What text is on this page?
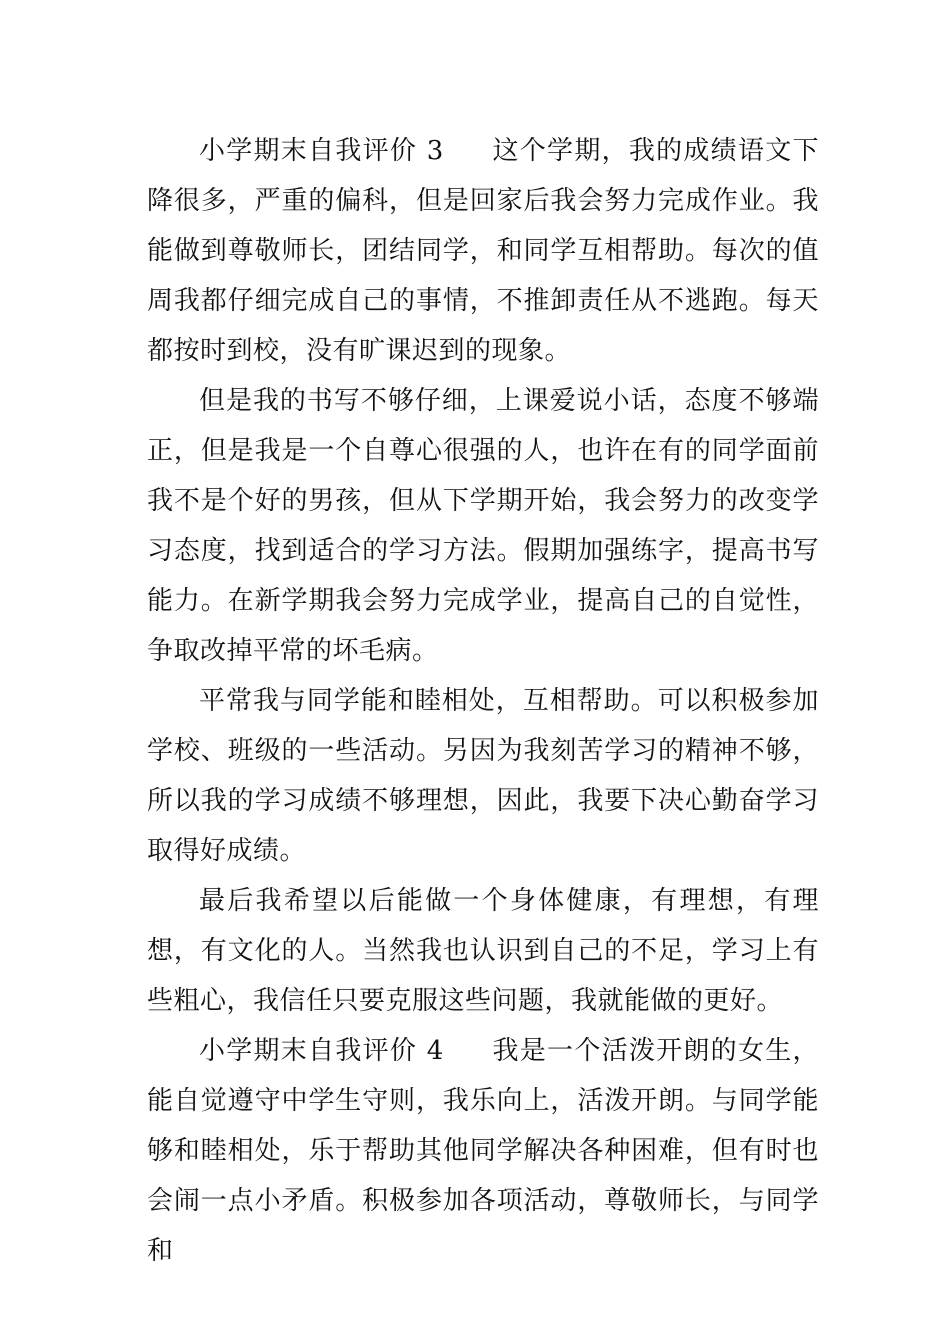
小学期末自我评价 3 这个学期，我的成绩语文下降很多，严重的偏科，但是回家后我会努力完成作业。我能做到尊敬师长，团结同学，和同学互相帮助。每次的值周我都仔细完成自己的事情，不推卸责任从不逃跑。每天都按时到校，没有旷课迟到的现象。

但是我的书写不够仔细，上课爱说小话，态度不够端正，但是我是一个自尊心很强的人，也许在有的同学面前我不是个好的男孩，但从下学期开始，我会努力的改变学习态度，找到适合的学习方法。假期加强练字，提高书写能力。在新学期我会努力完成学业，提高自己的自觉性，争取改掉平常的坏毛病。

平常我与同学能和睦相处，互相帮助。可以积极参加学校、班级的一些活动。另因为我刻苦学习的精神不够，所以我的学习成绩不够理想，因此，我要下决心勤奋学习取得好成绩。

最后我希望以后能做一个身体健康，有理想，有理想，有文化的人。当然我也认识到自己的不足，学习上有些粗心，我信任只要克服这些问题，我就能做的更好。

小学期末自我评价 4 我是一个活泼开朗的女生，能自觉遵守中学生守则，我乐向上，活泼开朗。与同学能够和睦相处，乐于帮助其他同学解决各种困难，但有时也会闹一点小矛盾。积极参加各项活动，尊敬师长，与同学和
